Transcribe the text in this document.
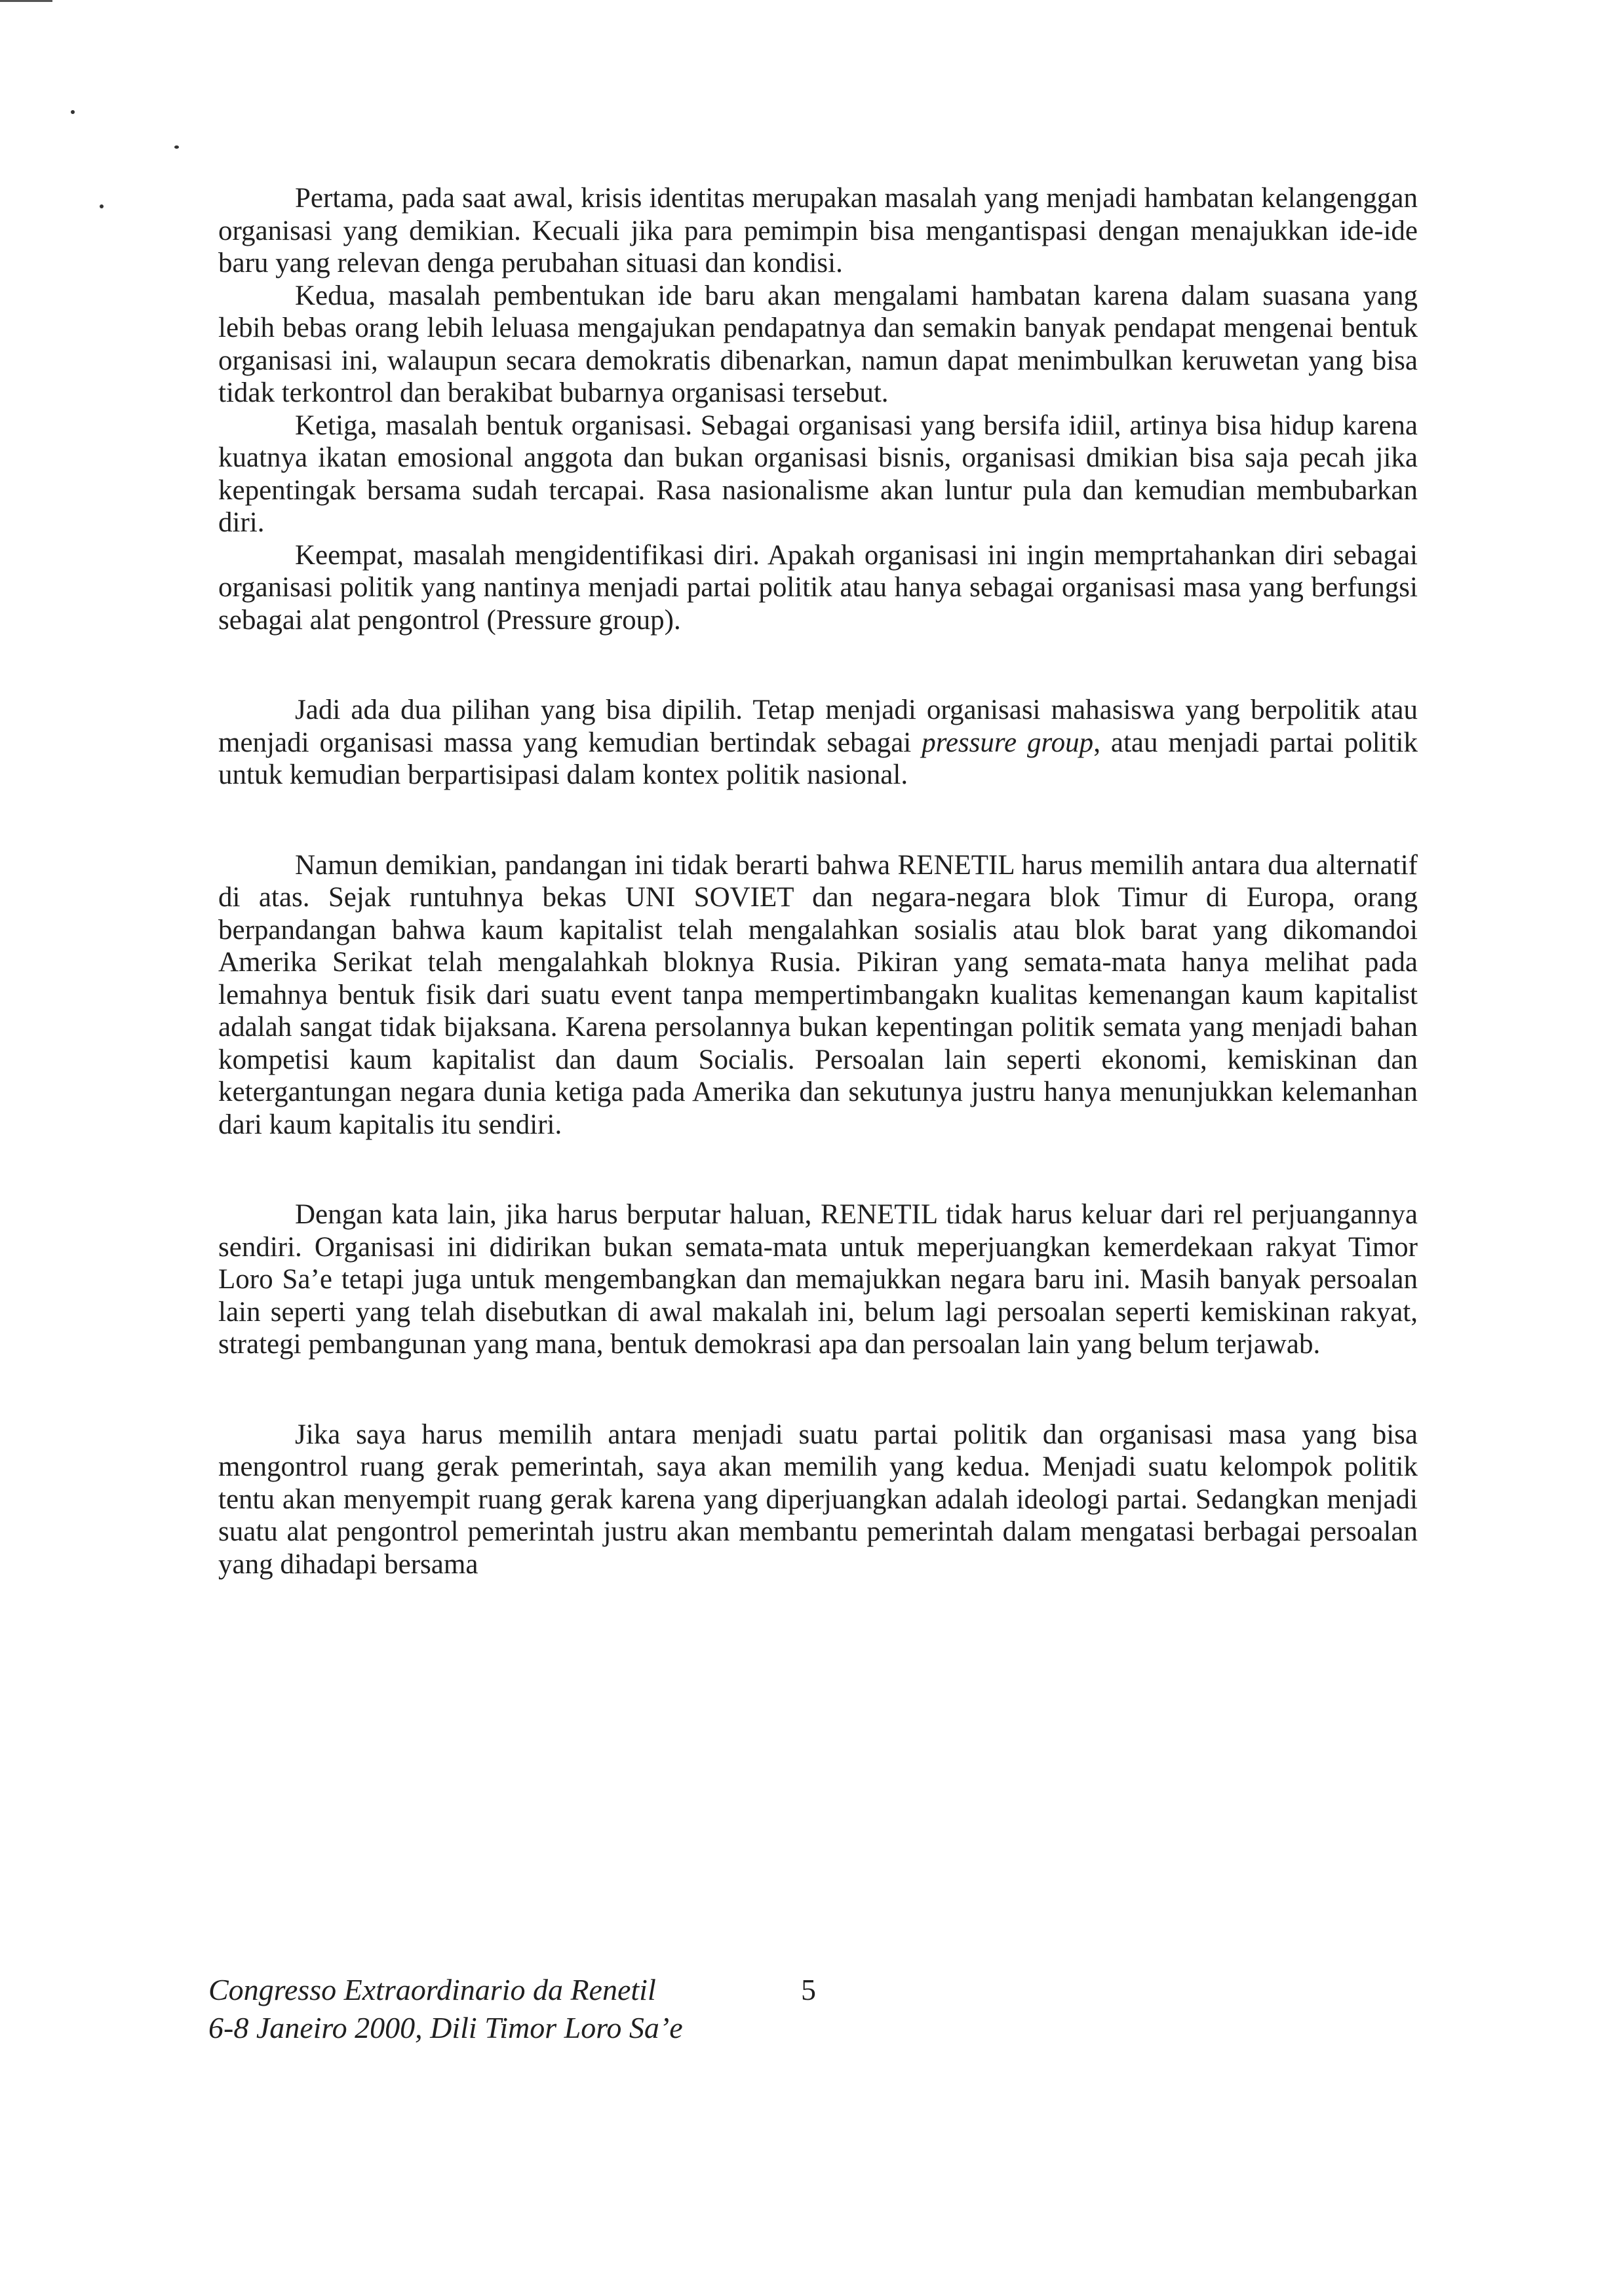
Pertama, pada saat awal, krisis identitas merupakan masalah yang menjadi hambatan kelangenggan organisasi yang demikian. Kecuali jika para pemimpin bisa mengantispasi dengan menajukkan ide-ide baru yang relevan denga perubahan situasi dan kondisi.

Kedua, masalah pembentukan ide baru akan mengalami hambatan karena dalam suasana yang lebih bebas orang lebih leluasa mengajukan pendapatnya dan semakin banyak pendapat mengenai bentuk organisasi ini, walaupun secara demokratis dibenarkan, namun dapat menimbulkan keruwetan yang bisa tidak terkontrol dan berakibat bubarnya organisasi tersebut.

Ketiga, masalah bentuk organisasi. Sebagai organisasi yang bersifa idiil, artinya bisa hidup karena kuatnya ikatan emosional anggota dan bukan organisasi bisnis, organisasi dmikian bisa saja pecah jika kepentingak bersama sudah tercapai. Rasa nasionalisme akan luntur pula dan kemudian membubarkan diri.

Keempat, masalah mengidentifikasi diri. Apakah organisasi ini ingin memprtahankan diri sebagai organisasi politik yang nantinya menjadi partai politik atau hanya sebagai organisasi masa yang berfungsi sebagai alat pengontrol (Pressure group).

Jadi ada dua pilihan yang bisa dipilih. Tetap menjadi organisasi mahasiswa yang berpolitik atau menjadi organisasi massa yang kemudian bertindak sebagai pressure group, atau menjadi partai politik untuk kemudian berpartisipasi dalam kontex politik nasional.

Namun demikian, pandangan ini tidak berarti bahwa RENETIL harus memilih antara dua alternatif di atas. Sejak runtuhnya bekas UNI SOVIET dan negara-negara blok Timur di Europa, orang berpandangan bahwa kaum kapitalist telah mengalahkan sosialis atau blok barat yang dikomandoi Amerika Serikat telah mengalahkah bloknya Rusia. Pikiran yang semata-mata hanya melihat pada lemahnya bentuk fisik dari suatu event tanpa mempertimbangakn kualitas kemenangan kaum kapitalist adalah sangat tidak bijaksana. Karena persolannya bukan kepentingan politik semata yang menjadi bahan kompetisi kaum kapitalist dan daum Socialis. Persoalan lain seperti ekonomi, kemiskinan dan ketergantungan negara dunia ketiga pada Amerika dan sekutunya justru hanya menunjukkan kelemanhan dari kaum kapitalis itu sendiri.

Dengan kata lain, jika harus berputar haluan, RENETIL tidak harus keluar dari rel perjuangannya sendiri. Organisasi ini didirikan bukan semata-mata untuk meperjuangkan kemerdekaan rakyat Timor Loro Sa’e tetapi juga untuk mengembangkan dan memajukkan negara baru ini. Masih banyak persoalan lain seperti yang telah disebutkan di awal makalah ini, belum lagi persoalan seperti kemiskinan rakyat, strategi pembangunan yang mana, bentuk demokrasi apa dan persoalan lain yang belum terjawab.

Jika saya harus memilih antara menjadi suatu partai politik dan organisasi masa yang bisa mengontrol ruang gerak pemerintah, saya akan memilih yang kedua. Menjadi suatu kelompok politik tentu akan menyempit ruang gerak karena yang diperjuangkan adalah ideologi partai. Sedangkan menjadi suatu alat pengontrol pemerintah justru akan membantu pemerintah dalam mengatasi berbagai persoalan yang dihadapi bersama

Congresso Extraordinario da Renetil
6-8 Janeiro 2000, Dili Timor Loro Sa’e
5
